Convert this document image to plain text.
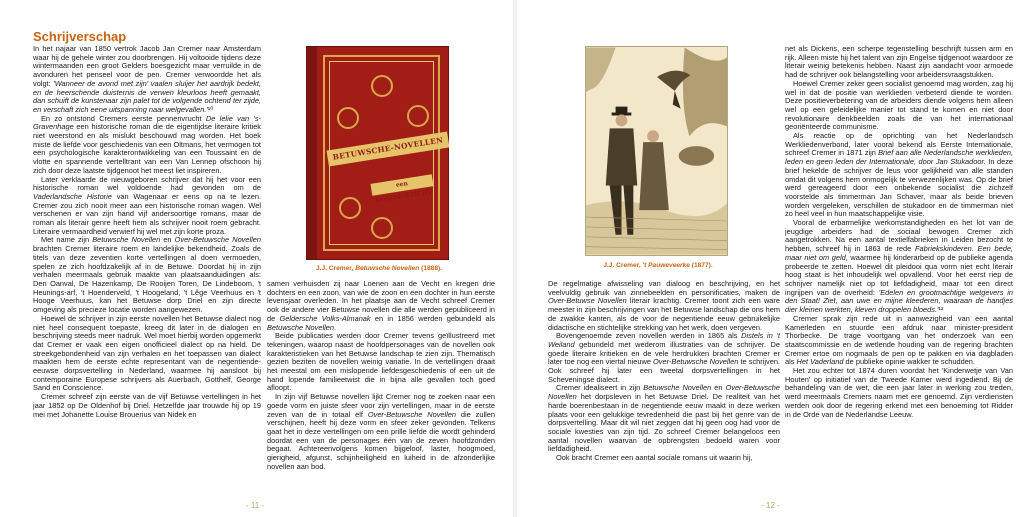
Schrijverschap

In het najaar van 1850 vertrok Jacob Jan Cremer naar Amsterdam waar hij de gehele winter zou doorbrengen. Hij voltooide tijdens deze wintermaanden een groot Gelders boesgezicht maar verruilde in de avonduren het penseel voor de pen. Cremer verwoordde het als volgt: 'Wanneer de avond met zijn' vaalen sluijer het aardrijk bedekt, en de heerschende duisternis de verwen kleurloos heeft gemaakt, dan schuift de kunstenaar zijn palet tot de volgende ochtend ter zijde, en verschaft zich eene uitspanning naar welgevallen.'¹⁰

En zo ontstond Cremers eerste pennenvrucht De lelie van 's-Gravenhage een historische roman die de eigentijdse literaire kritiek niet weerstond en als mislukt beschouwd mag worden. Het boek miste de liefde voor geschiedenis van een Oltmans, het vermogen tot een psychologische karakterontwikkeling van een Toussaint en de vlotte en spannende vertelltrant van een Van Lennep ofschoon hij zich door deze laatste tijdgenoot het meest liet inspireren.

Later verklaarde de nieuwgeboren schrijver dat hij het voor een historische roman wel voldoende had gevonden om de Vaderlandsche Historie van Wagenaar er eens op na te lezen. Cremer zou zich nooit meer aan een historische roman wagen. Wel verschenen er van zijn hand vijf andersoortige romans, maar de roman als literair genre heeft hem als schrijver nooit roem gebracht. Literaire vermaardheid verwierf hij wel met zijn korte proza.

Met name zijn Betuwsche Novellen en Over-Betuwsche Novellen brachten Cremer literaire roem en landelijke bekendheid. Zoals de titels van deze zeventien korte vertellingen al doen vermoeden, spelen ze zich hoofdzakelijk af in de Betuwe. Doordat hij in zijn verhalen meermaals gebruik maakte van plaatsaanduidingen als: Den Oanval, De Hazenkamp, De Rooijen Toren, De Lindeboom, 't Heunings-arf, 't Hoenderveld, 't Hoogeland, 't Lêge Veerhuus en 't Hooge Veerhuus, kan het Betuwse dorp Driel en zijn directe omgeving als precieze locatie worden aangewezen.

Hoewel de schrijver in zijn eerste novellen het Betuwse dialect nog niet heel consequent toepaste, kreeg dit later in de dialogen en beschrijving steeds meer nadruk. Wel moet hierbij worden opgemerkt dat Cremer er vaak een eigen onofficieel dialect op na hield. De streekgebondenheid van zijn verhalen en het toepassen van dialect maakten hem de eerste echte representant van de negentiende-eeuwse dorpsvertelling in Nederland, waarmee hij aansloot bij contemporaine Europese schrijvers als Auerbach, Gotthelf, George Sand en Conscience.

Cremer schreef zijn eerste van de vijf Betuwse vertellingen in het jaar 1852 op De Oldenhof bij Driel. Hetzelfde jaar trouwde hij op 19 mei met Johanette Louise Brouerius van Nidek en

samen verhuisden zij naar Loenen aan de Vecht en kregen drie dochters en een zoon, van wie de zoon en een dochter in hun eerste levensjaar overleden. In het plaatsje aan de Vecht schreef Cremer ook de andere vier Betuwse novellen die alle werden gepubliceerd in de Geldersche Volks-Almanak en in 1856 werden gebundeld als Betuwsche Novellen.

Beide publicaties werden door Cremer tevens geïllustreerd met tekeningen, waarop naast de hoofdpersonages van de novellen ook karakteristieken van het Betuwse landschap te zien zijn. Thematisch gezien beziten de novellen weinig variatie. In de vertellingen draait het meestal om een mislopende liefdesgeschiedenis of een uit de hand lopende familieetwist die in bijna alle gevallen toch goed afloopt.

In zijn vijf Betuwse novellen lijkt Cremer nog te zoeken naar een goede vorm en juiste sfeer voor zijn vertellingen, maar in de eerste zeven van de in totaal elf Over-Betuwsche Novellen die zullen verschijnen, heeft hij deze vorm en sfeer zeker gevonden. Telkens gaat het in deze vertellingen om een prille liefde die wordt gehinderd doordat een van de personages één van de zeven hoofdzonden begaat. Achtereenvolgens komen bijgeloof, laster, hoogmoed, gierigheid, afgunst, schijnheiligheid en luiheid in de afzonderlijke novellen aan bod.

BETUWSCHE-NOVELLEN
een BOSCHGEZICHT
J.J. Cremer, Betuwsche Novellen (1888).
- 11 -
J.J. Cremer, 't Pauweveerke (1877).

De regelmatige afwisseling van dialoog en beschrijving, en het veelvuldig gebruik van zinnebeelden en personificaties, maken de Over-Betuwse Novellen literair krachtig. Cremer toont zich een ware meester in zijn beschrijvingen van het Betuwse landschap die ons hem de zwakke kanten, als de voor de negentiende eeuw gebruikelijke didactische en stichtelijke strekking van het werk, doen vergeven.

Bovengenoemde zeven novellen werden in 1865 als Distels in 't Weiland gebundeld met wederom illustraties van de schrijver. De goede literaire kritieken en de vele herdrukken brachten Cremer er later toe nog een viertal nieuwe Over-Betuwsche Novellen te schrijven. Ook schreef hij later een tweetal dorpsvertellingen in het Scheveningse dialect.

Cremer idealiseert in zijn Betuwsche Novellen en Over-Betuwsche Novellen het dorpsleven in het Betuwse Driel. De realiteit van het harde boerenbestaan in de negentiende eeuw maakt in deze werken plaats voor een gelukkige tevredenheid die past bij het genre van de dorpsvertelling. Maar dit wil niet zeggen dat hij geen oog had voor de sociale kwesties van zijn tijd. Zo schreef Cremer belangeloos een aantal novellen waarvan de opbrengsten bedoeld waren voor liefdadigheid.

Ook bracht Cremer een aantal sociale romans uit waarin hij,

net als Dickens, een scherpe tegenstelling beschrijft tussen arm en rijk. Alleen miste hij het talent van zijn Engelse tijdgenoot waardoor ze literair weinig betekenis hebben. Naast zijn aandacht voor armoede had de schrijver ook belangstelling voor arbeidersvraagstukken.

Hoewel Cremer zeker geen socialist genoemd mag worden, zag hij wel in dat de positie van werklieden verbeterd diende te worden. Deze positieverbetering van de arbeiders diende volgens hem alleen wel op een geleidelijke manier tot stand te komen en niet door revolutionaire denkbeelden zoals die van het internationaal georiënteerde communisme.

Als reactie op de oprichting van het Nederlandsch Werkliedenverbond, later vooral bekend als Eerste Internationale, schreef Cremer in 1871 zijn Brief aan alle Nederlandsche werklieden, leden en geen leden der Internationale, door Jan Stukadoor. In deze brief hekelde de schrijver de leus voor gelijkheid van alle standen omdat dit volgens hem onmogelijk te verwezenlijken was. Op de brief werd gereageerd door een onbekende socialist die zichzelf voorstelde als timmerman Jan Schaver, maar als beide brieven worden vergeleken, verschillen de stukadoor en de timmerman niet zo heel veel in hun maatschappelijke visie.

Vooral de erbarmelijke werkomstandigheden en het lot van de jeugdige arbeiders had de sociaal bewogen Cremer zich aangetrokken. Na een aantal textielfabrieken in Leiden bezocht te hebben, schreef hij in 1863 de rede Fabriekskinderen. Een bede, maar niet om geld, waarmee hij kinderarbeid op de publieke agenda probeerde te zetten. Hoewel dit pleidooi qua vorm niet echt literair hoog staat is het inhoudelijk wel opvallend. Voor het eerst riep de schrijver namelijk niet op tot liefdadigheid, maar tot een direct ingrijpen van de overheid: 'Edelen en grootmachtige wetgevers in den Staat! Ziet, aan uwe en mijne kleederen, waaraan de handjes dier kleinen werkten, kleven droppelen bloeds.'¹²

Cremer sprak zijn rede uit in aanwezigheid van een aantal Kamerleden en stuurde een afdruk naar minister-president Thorbecke. De trage voortgang van het onderzoek van een staatscommissie en de wetlende houding van de regering brachten Cremer ertoe om nogmaals de pen op te pakken en via dagbladen als Het Vaderland de publieke opinie wakker te schudden.

Het zou echter tot 1874 duren voordat het 'Kinderwetje van Van Houten' op initiatief van de Tweede Kamer werd ingediend. Bij de behandeling van de wet, die een jaar later in werking zou treden, werd meermaals Cremers naam met ere genoemd. Zijn verdiensten werden ook door de regering erkend met een benoeming tot Ridder in de Orde van de Nederlandse Leeuw.

- 12 -
